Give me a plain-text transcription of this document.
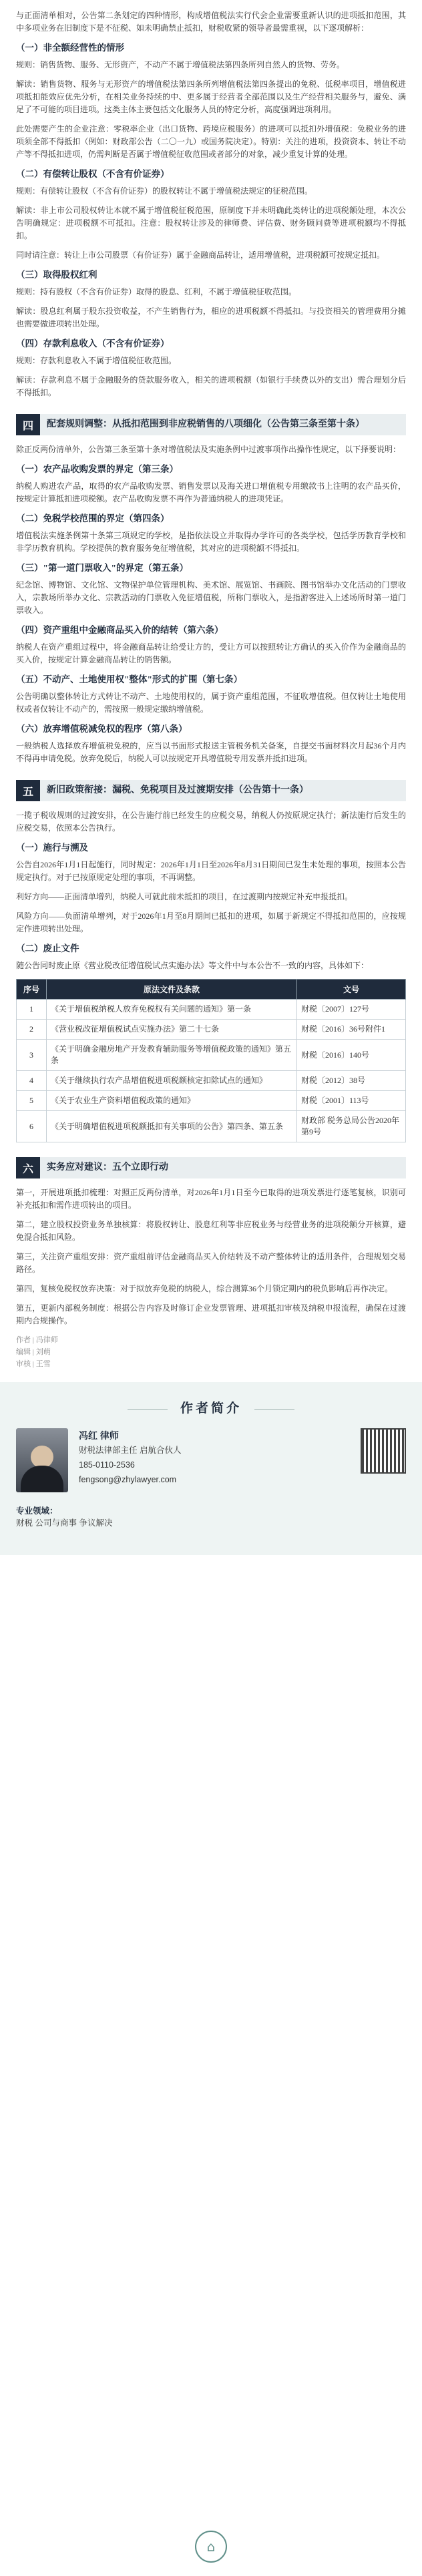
与正面清单相对，公告第二条划定的四种情形，构成增值税法实行代会企业需要重新认识的进项抵扣范围，其中多项业务在旧制度下是不征税、如未明确禁止抵扣，财税收紧的领导者最需重视，以下逐项解析：

（一）非全额经营性的情形

规则：销售货物、服务、无形资产，不动产不属于增值税法第四条所列自然人的货物、劳务。

解读：销售货物、服务与无形资产的增值税法第四条所列增值税法第四条提出的免税、低税率项目，增值税进项抵扣能效应优先分析，在相关业务持续的中、更多属于经营者全部范围以及生产经营相关服务与，避免、满足了不可能的项目进项。这类主体主要包括文化服务人员的特定分析，高度强调进项利用。

此处需要产生的企业注意：零税率企业（出口货物、跨境应税服务）的进项可以抵扣外增值税：免税业务的进项须全部不得抵扣（例如：财政部公告（二〇一九）或国务院决定）。特别：关注的进项，投资资本、转让不动产等不得抵扣进项，仍需判断是否属于增值税征收范围或者部分的对象，减少重复计算的处理。

（二）有偿转让股权（不含有价证券）

规则：有偿转让股权（不含有价证券）的股权转让不属于增值税法规定的征税范围。

解读：非上市公司股权转让本就不属于增值税征税范围，原制度下并未明确此类转让的进项税额处理，本次公告明确规定：进项税额不可抵扣。注意：股权转让涉及的律师费、评估费、财务顾问费等进项税额均不得抵扣。

同时请注意：转让上市公司股票（有价证券）属于金融商品转让，适用增值税，进项税额可按规定抵扣。

（三）取得股权红利

规则：持有股权（不含有价证券）取得的股息、红利，不属于增值税征收范围。

解读：股息红利属于股东投资收益，不产生销售行为，相应的进项税额不得抵扣。与投资相关的管理费用分摊也需要做进项转出处理。

（四）存款利息收入（不含有价证券）

规则：存款利息收入不属于增值税征收范围。

解读：存款利息不属于金融服务的贷款服务收入，相关的进项税额（如银行手续费以外的支出）需合理划分后不得抵扣。

四	配套规则调整：从抵扣范围到非应税销售的八项细化（公告第三条至第十条）

除正反两份清单外，公告第三条至第十条对增值税法及实施条例中过渡事项作出操作性规定，以下择要说明：

（一）农产品收购发票的界定（第三条）

纳税人购进农产品，取得的农产品收购发票、销售发票以及海关进口增值税专用缴款书上注明的农产品买价，按规定计算抵扣进项税额。农产品收购发票不再作为普通纳税人的进项凭证。

（二）免税学校范围的界定（第四条）

增值税法实施条例第十条第三项规定的学校，是指依法设立并取得办学许可的各类学校，包括学历教育学校和非学历教育机构。学校提供的教育服务免征增值税，其对应的进项税额不得抵扣。

（三）"第一道门票收入"的界定（第五条）

纪念馆、博物馆、文化馆、文物保护单位管理机构、美术馆、展览馆、书画院、图书馆举办文化活动的门票收入，宗教场所举办文化、宗教活动的门票收入免征增值税，所称门票收入，是指游客进入上述场所时第一道门票收入。

（四）资产重组中金融商品买入价的结转（第六条）

纳税人在资产重组过程中，将金融商品转让给受让方的，受让方可以按照转让方确认的买入价作为金融商品的买入价，按规定计算金融商品转让的销售额。

（五）不动产、土地使用权"整体"形式的扩围（第七条）

公告明确以整体转让方式转让不动产、土地使用权的，属于资产重组范围，不征收增值税。但仅转让土地使用权或者仅转让不动产的，需按照一般规定缴纳增值税。

（六）放弃增值税减免权的程序（第八条）

一般纳税人选择放弃增值税免税的，应当以书面形式报送主管税务机关备案，自提交书面材料次月起36个月内不得再申请免税。放弃免税后，纳税人可以按规定开具增值税专用发票并抵扣进项。

五	新旧政策衔接：漏税、免税项目及过渡期安排（公告第十一条）

一揽子税收规则的过渡安排，在公告施行前已经发生的应税交易，纳税人仍按原规定执行；新法施行后发生的应税交易，依照本公告执行。

（一）施行与溯及

公告自2026年1月1日起施行，同时规定：2026年1月1日至2026年8月31日期间已发生未处理的事项，按照本公告规定执行。对于已按原规定处理的事项，不再调整。

利好方向——正面清单增列，纳税人可就此前未抵扣的项目，在过渡期内按规定补充申报抵扣。

风险方向——负面清单增列，对于2026年1月至8月期间已抵扣的进项，如属于新规定不得抵扣范围的，应按规定作进项转出处理。

（二）废止文件

随公告同时废止原《营业税改征增值税试点实施办法》等文件中与本公告不一致的内容，具体如下：

序号	原法文件及条款	文号
1	《关于增值税纳税人放弃免税权有关问题的通知》第一条	财税〔2007〕127号
2	《营业税改征增值税试点实施办法》第二十七条	财税〔2016〕36号附件1
3	《关于明确金融房地产开发教育辅助服务等增值税政策的通知》第五条	财税〔2016〕140号
4	《关于继续执行农产品增值税进项税额核定扣除试点的通知》	财税〔2012〕38号
5	《关于农业生产资料增值税政策的通知》	财税〔2001〕113号
6	《关于明确增值税进项税额抵扣有关事项的公告》第四条、第五条	财政部 税务总局公告2020年第9号
六	实务应对建议：五个立即行动

第一，开展进项抵扣梳理：对照正反两份清单，对2026年1月1日至今已取得的进项发票进行逐笔复核，识别可补充抵扣和需作进项转出的项目。

第二，建立股权投资业务单独核算：将股权转让、股息红利等非应税业务与经营业务的进项税额分开核算，避免混合抵扣风险。

第三，关注资产重组安排：资产重组前评估金融商品买入价结转及不动产整体转让的适用条件，合理规划交易路径。

第四，复核免税权放弃决策：对于拟放弃免税的纳税人，综合测算36个月锁定期内的税负影响后再作决定。

第五，更新内部税务制度：根据公告内容及时修订企业发票管理、进项抵扣审核及纳税申报流程，确保在过渡期内合规操作。

作者 | 冯律师
编辑 | 刘萌
审核 | 王雪
作者简介
冯红 律师
财税法律部主任 启航合伙人
185-0110-2536
fengsong@zhylawyer.com
专业领域：
财税 公司与商事 争议解决
⌂
